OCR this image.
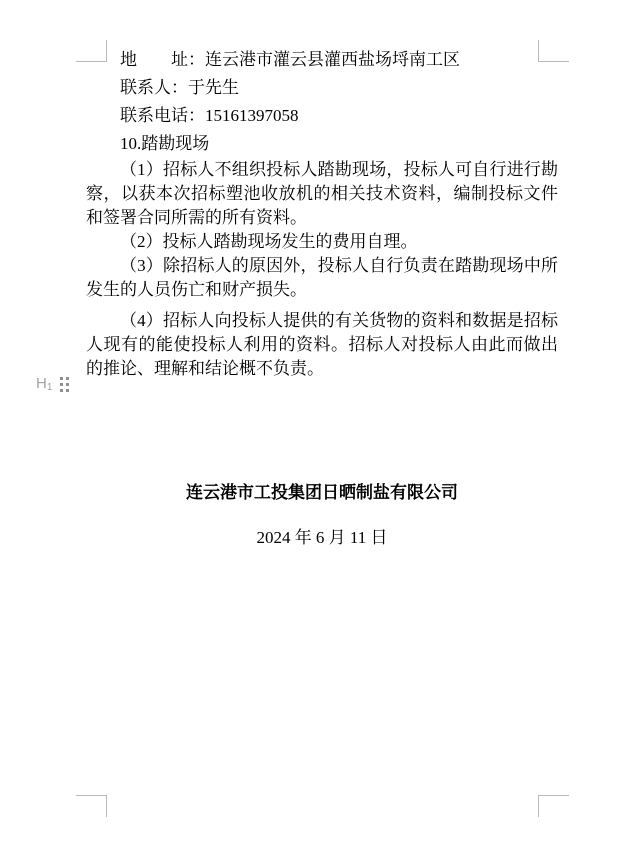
地　　址：连云港市灌云县灌西盐场埒南工区
联系人：于先生
联系电话：15161397058
10.踏勘现场

（1）招标人不组织投标人踏勘现场，投标人可自行进行勘察，以获本次招标塑池收放机的相关技术资料，编制投标文件和签署合同所需的所有资料。

（2）投标人踏勘现场发生的费用自理。

（3）除招标人的原因外，投标人自行负责在踏勘现场中所发生的人员伤亡和财产损失。

（4）招标人向投标人提供的有关货物的资料和数据是招标人现有的能使投标人利用的资料。招标人对投标人由此而做出的推论、理解和结论概不负责。

连云港市工投集团日晒制盐有限公司
2024 年 6 月 11 日
$H_1$
